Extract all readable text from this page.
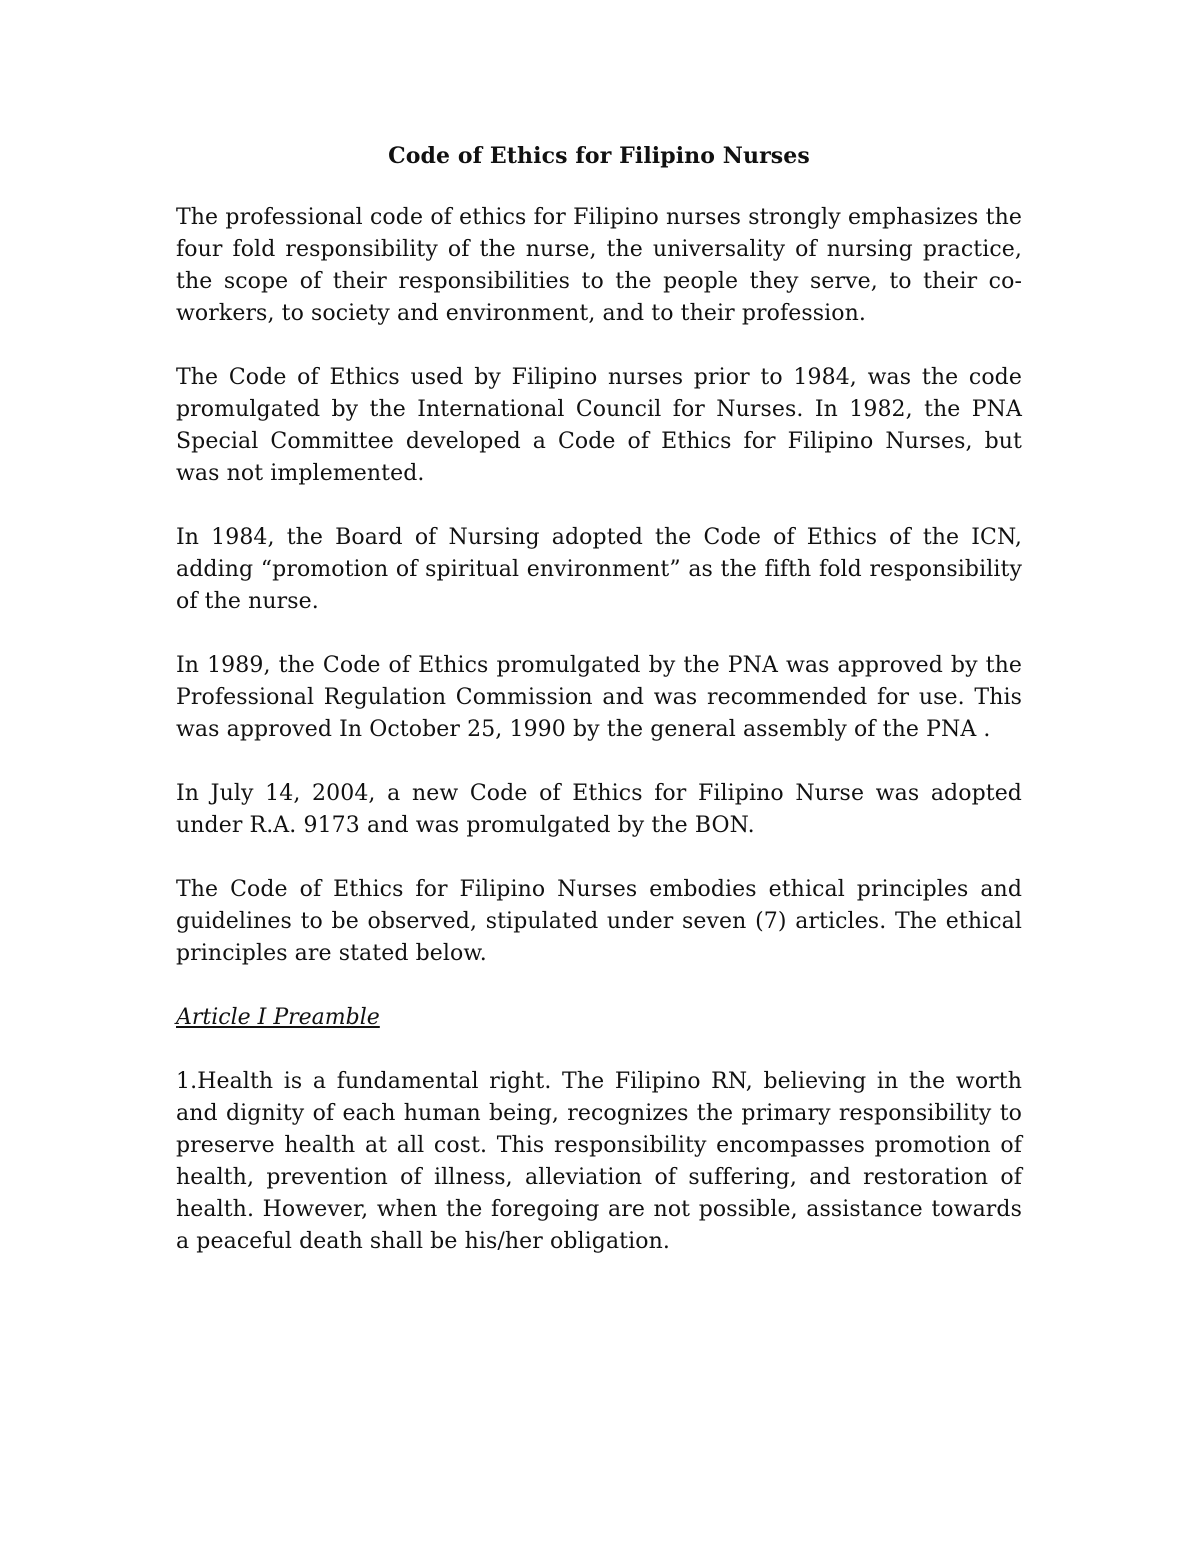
Code of Ethics for Filipino Nurses

The professional code of ethics for Filipino nurses strongly emphasizes the four fold responsibility of the nurse, the universality of nursing practice, the scope of their responsibilities to the people they serve, to their co-workers, to society and environment, and to their profession.

The Code of Ethics used by Filipino nurses prior to 1984, was the code promulgated by the International Council for Nurses. In 1982, the PNA Special Committee developed a Code of Ethics for Filipino Nurses, but was not implemented.

In 1984, the Board of Nursing adopted the Code of Ethics of the ICN, adding “promotion of spiritual environment” as the fifth fold responsibility of the nurse.

In 1989, the Code of Ethics promulgated by the PNA was approved by the Professional Regulation Commission and was recommended for use. This was approved In October 25, 1990 by the general assembly of the PNA .

In July 14, 2004, a new Code of Ethics for Filipino Nurse was adopted under R.A. 9173 and was promulgated by the BON.

The Code of Ethics for Filipino Nurses embodies ethical principles and guidelines to be observed, stipulated under seven (7) articles. The ethical principles are stated below.

Article I Preamble

1.Health is a fundamental right. The Filipino RN, believing in the worth and dignity of each human being, recognizes the primary responsibility to preserve health at all cost. This responsibility encompasses promotion of health, prevention of illness, alleviation of suffering, and restoration of health. However, when the foregoing are not possible, assistance towards a peaceful death shall be his/her obligation.
